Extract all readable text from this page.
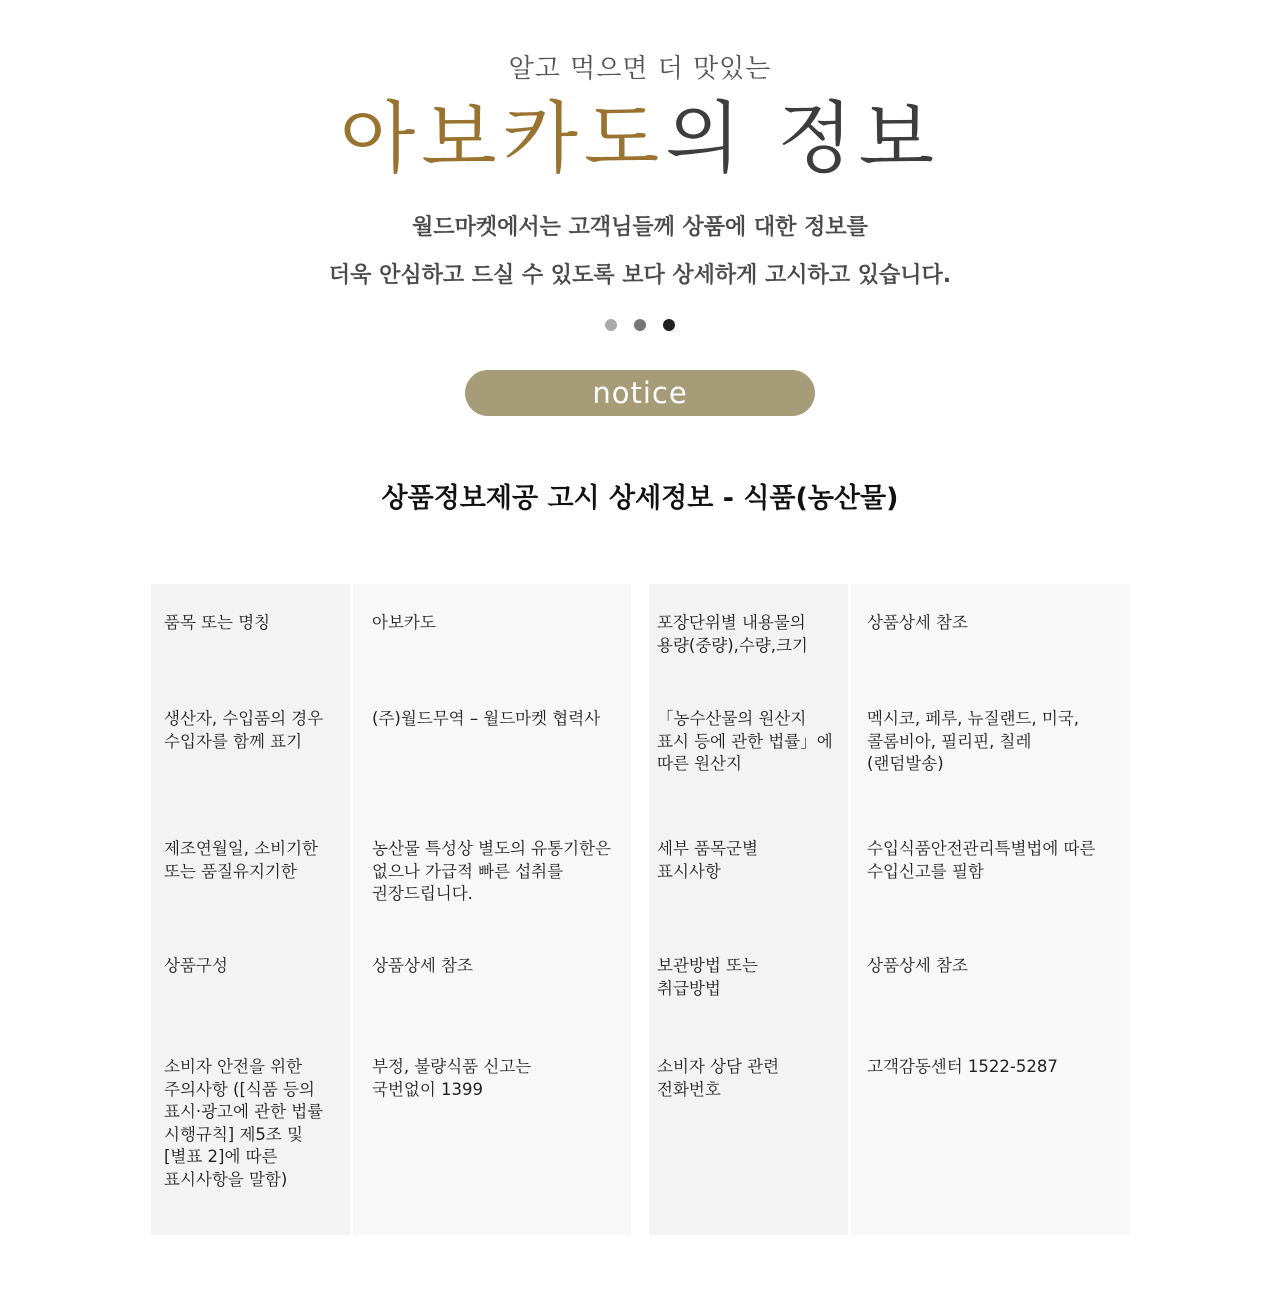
알고 먹으면 더 맛있는
아보카도의 정보
월드마켓에서는 고객님들께 상품에 대한 정보를
더욱 안심하고 드실 수 있도록 보다 상세하게 고시하고 있습니다.
notice
상품정보제공 고시 상세정보 - 식품(농산물)
품목 또는 명칭
생산자, 수입품의 경우
수입자를 함께 표기
제조연월일, 소비기한
또는 품질유지기한
상품구성
소비자 안전을 위한
주의사항 ([식품 등의
표시·광고에 관한 법률
시행규칙] 제5조 및
[별표 2]에 따른
표시사항을 말함)
아보카도
(주)월드무역 – 월드마켓 협력사
농산물 특성상 별도의 유통기한은
없으나 가급적 빠른 섭취를
권장드립니다.
상품상세 참조
부정, 불량식품 신고는
국번없이 1399
포장단위별 내용물의
용량(중량),수량,크기
「농수산물의 원산지
표시 등에 관한 법률」에
따른 원산지
세부 품목군별
표시사항
보관방법 또는
취급방법
소비자 상담 관련
전화번호
상품상세 참조
멕시코, 페루, 뉴질랜드, 미국,
콜롬비아, 필리핀, 칠레
(랜덤발송)
수입식품안전관리특별법에 따른
수입신고를 필함
상품상세 참조
고객감동센터 1522-5287
